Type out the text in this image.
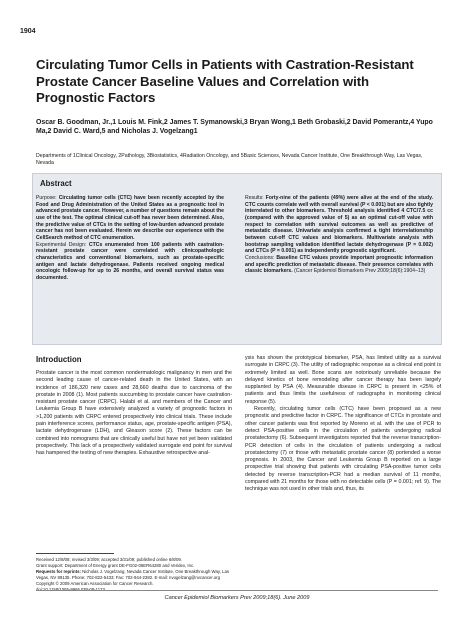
1904
Circulating Tumor Cells in Patients with Castration-Resistant Prostate Cancer Baseline Values and Correlation with Prognostic Factors
Oscar B. Goodman, Jr.,1 Louis M. Fink,2 James T. Symanowski,3 Bryan Wong,1 Beth Grobaski,2 David Pomerantz,4 Yupo Ma,2 David C. Ward,5 and Nicholas J. Vogelzang1
Departments of 1Clinical Oncology, 2Pathology, 3Biostatistics, 4Radiation Oncology, and 5Basic Sciences, Nevada Cancer Institute, One Breakthrough Way, Las Vegas, Nevada
Abstract

Purpose: Circulating tumor cells (CTC) have been recently accepted by the Food and Drug Administration of the United States as a prognostic tool in advanced prostate cancer. However, a number of questions remain about the use of the test. The optimal clinical cut-off has never been determined. Also, the predictive value of CTCs in the setting of low-burden advanced prostate cancer has not been evaluated. Herein we describe our experience with the CellSearch method of CTC enumeration.

Experimental Design: CTCs enumerated from 100 patients with castration-resistant prostate cancer were correlated with clinicopathologic characteristics and conventional biomarkers, such as prostate-specific antigen and lactate dehydrogenase. Patients received ongoing medical oncologic follow-up for up to 26 months, and overall survival status was documented.

Results: Forty-nine of the patients (49%) were alive at the end of the study. CTC counts correlate well with overall survival (P < 0.001) but are also tightly interrelated to other biomarkers. Threshold analysis identified 4 CTC/7.5 cc (compared with the approved value of 5) as an optimal cut-off value with respect to correlation with survival outcomes as well as predictive of metastatic disease. Univariate analysis confirmed a tight interrelationship between cut-off CTC values and biomarkers. Multivariate analysis with bootstrap sampling validation identified lactate dehydrogenase (P = 0.002) and CTCs (P = 0.001) as independently prognostic significant.

Conclusions: Baseline CTC values provide important prognostic information and specific prediction of metastatic disease. Their presence correlates with classic biomarkers. (Cancer Epidemiol Biomarkers Prev 2009;18(6):1904–13)

Introduction

Prostate cancer is the most common nondermatologic malignancy in men and the second leading cause of cancer-related death in the United States, with an incidence of 186,320 new cases and 28,660 deaths due to carcinoma of the prostate in 2008 (1). Most patients succumbing to prostate cancer have castration-resistant prostate cancer (CRPC). Halabi et al. and members of the Cancer and Leukemia Group B have extensively analyzed a variety of prognostic factors in >1,200 patients with CRPC entered prospectively into clinical trials. These include pain interference scores, performance status, age, prostate-specific antigen (PSA), lactate dehydrogenase (LDH), and Gleason score (2). These factors can be combined into nomograms that are clinically useful but have not yet been validated prospectively. This lack of a prospectively validated surrogate end point for survival has hampered the testing of new therapies. Exhaustive retrospective anal-

ysis has shown the prototypical biomarker, PSA, has limited utility as a survival surrogate in CRPC (3). The utility of radiographic response as a clinical end point is extremely limited as well. Bone scans are notoriously unreliable because the delayed kinetics of bone remodeling after cancer therapy has been largely supplanted by PSA (4). Measurable disease in CRPC is present in <25% of patients and thus limits the usefulness of radiographs in monitoring clinical response (5).

Recently, circulating tumor cells (CTC) have been proposed as a new prognostic and predictive factor in CRPC. The significance of CTCs in prostate and other cancer patients was first reported by Moreno et al. with the use of PCR to detect PSA-positive cells in the circulation of patients undergoing radical prostatectomy (6). Subsequent investigators reported that the reverse transcription-PCR detection of cells in the circulation of patients undergoing a radical prostatectomy (7) or those with metastatic prostate cancer (8) portended a worse prognosis. In 2003, the Cancer and Leukemia Group B reported on a large prospective trial showing that patients with circulating PSA-positive tumor cells detected by reverse transcription-PCR had a median survival of 11 months, compared with 21 months for those with no detectable cells (P = 0.001; ref. 9). The technique was not used in other trials and, thus, its

Received 12/8/08; revised 3/3/09; accepted 3/31/09; published online 6/8/09.

Grant support: Department of Energy grant DE-FG02-06ER64280 and Veridex, Inc.

Requests for reprints: Nicholas J. Vogelzang, Nevada Cancer Institute, One Breakthrough Way, Las Vegas, NV 89135. Phone: 702-822-5433; Fax: 702-944-2382. E-mail: nvogelzang@nvcancer.org

Copyright © 2009 American Association for Cancer Research.

doi:10.1158/1055-9965.EPI-08-1173

Cancer Epidemiol Biomarkers Prev 2009;18(6). June 2009
